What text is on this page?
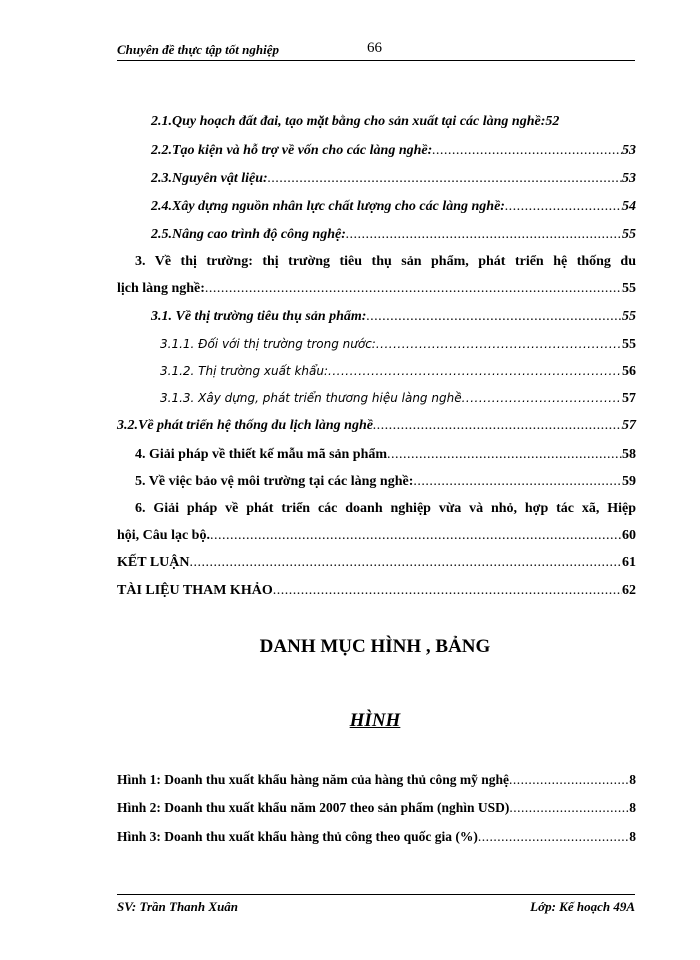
Chuyên đề thực tập tốt nghiệp	66
2.1.Quy hoạch đất đai, tạo mặt bằng cho sản xuất tại các làng nghề: 52
2.2.Tạo kiện và hỗ trợ về vốn cho các làng nghề: .....	53
2.3.Nguyên vật liệu: .....	53
2.4.Xây dựng nguồn nhân lực chất lượng cho các làng nghề: .....	54
2.5.Nâng cao trình độ công nghệ: .....	55
3. Về thị trường: thị trường tiêu thụ sản phẩm, phát triển hệ thống du
lịch làng nghề: .....	55
3.1. Về thị trường tiêu thụ sản phẩm: .....	55
3.1.1. Đối với thị trường trong nước: .....	55
3.1.2. Thị trường xuất khẩu: .....	56
3.1.3. Xây dựng, phát triển thương hiệu làng nghề .....	57
3.2.Về phát triển hệ thống du lịch làng nghề .....	57
4. Giải pháp về thiết kế mẫu mã sản phẩm .....	58
5. Về việc bảo vệ môi trường tại các làng nghề: .....	59
6. Giải pháp về phát triển các doanh nghiệp vừa và nhỏ, hợp tác xã, Hiệp
hội, Câu lạc bộ. .....	60
KẾT LUẬN .....	61
TÀI LIỆU THAM KHẢO .....	62
DANH MỤC HÌNH , BẢNG
HÌNH
Hình 1: Doanh thu xuất khẩu hàng năm của hàng thủ công mỹ nghệ .....	8
Hình 2: Doanh thu xuất khẩu năm 2007 theo sản phẩm (nghìn USD) .....	8
Hình 3: Doanh thu xuất khẩu hàng thủ công theo quốc gia (%) .....	8
SV: Trần Thanh Xuân	Lớp: Kế hoạch 49A
